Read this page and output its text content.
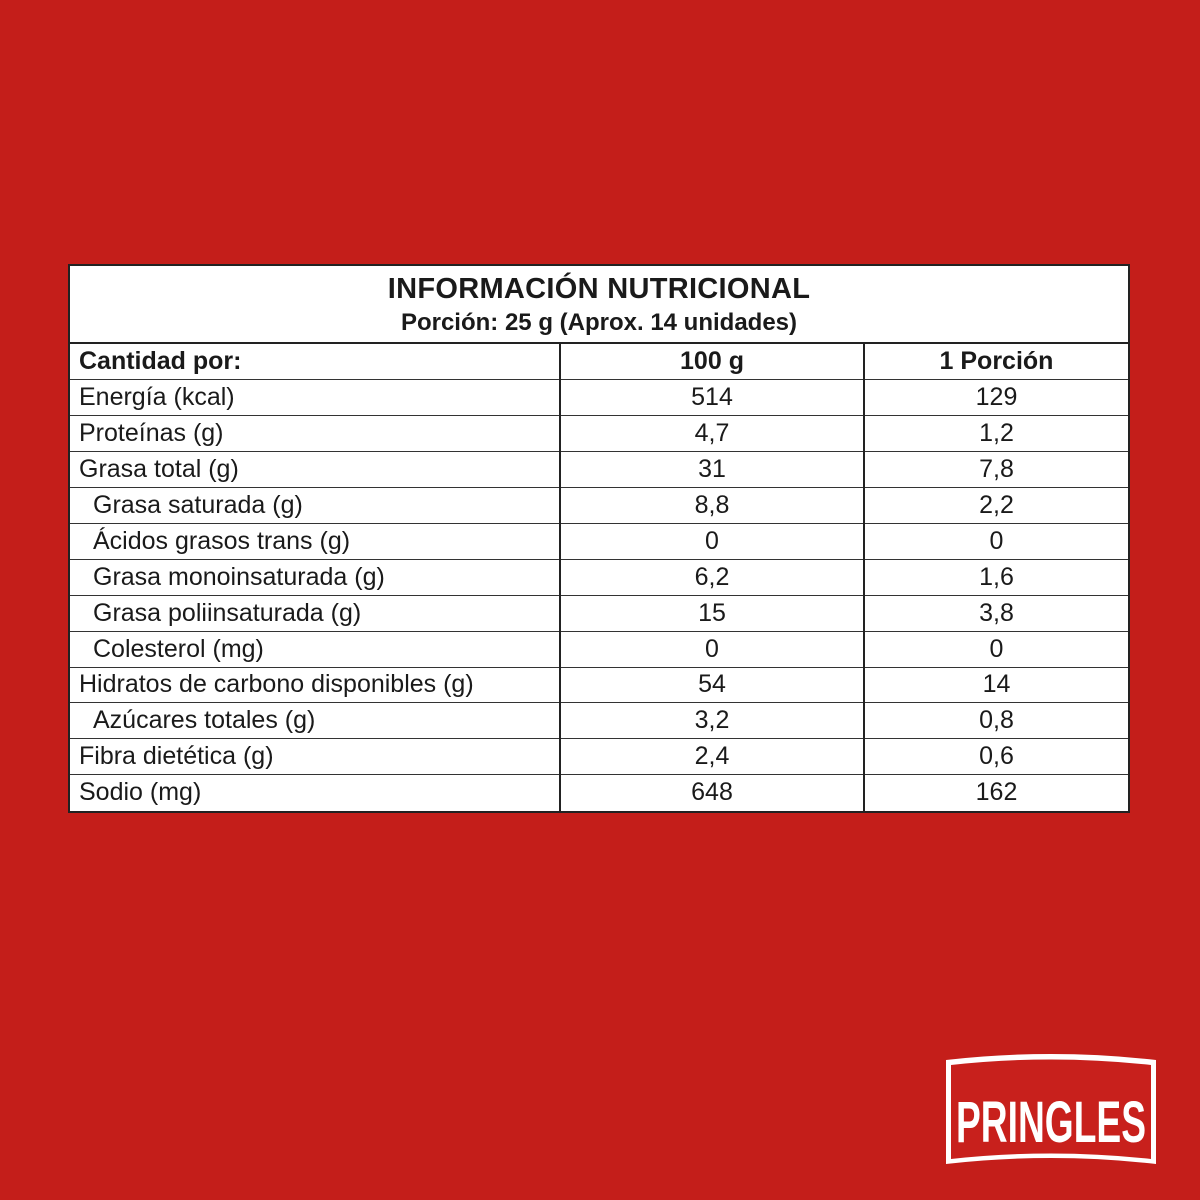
INFORMACIÓN NUTRICIONAL
Porción: 25 g (Aprox. 14 unidades)
Cantidad por:	100 g	1 Porción
Energía (kcal)	514	129
Proteínas (g)	4,7	1,2
Grasa total (g)	31	7,8
Grasa saturada (g)	8,8	2,2
Ácidos grasos trans (g)	0	0
Grasa monoinsaturada (g)	6,2	1,6
Grasa poliinsaturada (g)	15	3,8
Colesterol (mg)	0	0
Hidratos de carbono disponibles (g)	54	14
Azúcares totales (g)	3,2	0,8
Fibra dietética (g)	2,4	0,6
Sodio (mg)	648	162
PRINGLES
